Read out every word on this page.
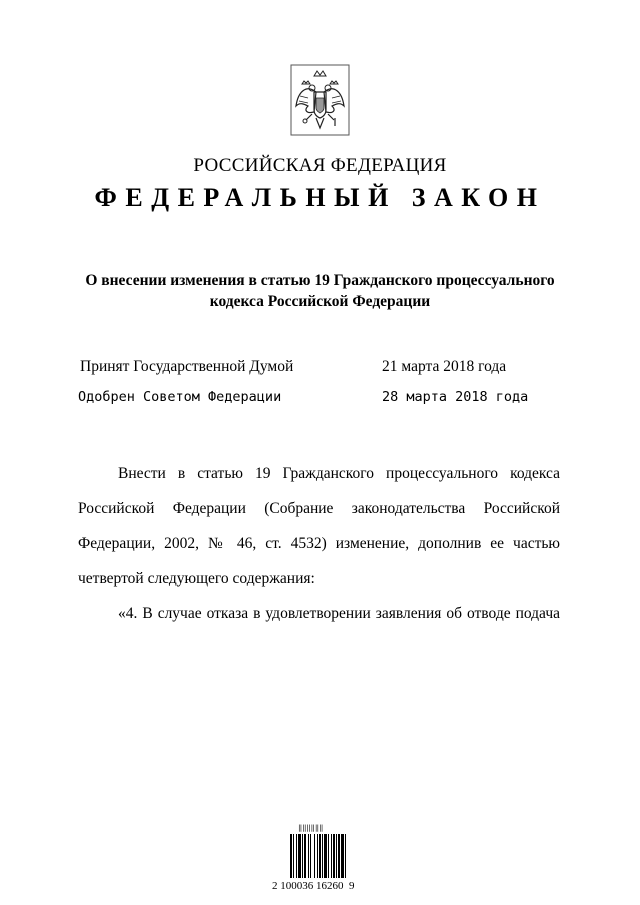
РОССИЙСКАЯ ФЕДЕРАЦИЯ
ФЕДЕРАЛЬНЫЙ ЗАКОН
О внесении изменения в статью 19 Гражданского процессуального кодекса Российской Федерации
Принят Государственной Думой	21 марта 2018 года
Одобрен Советом Федерации	28 марта 2018 года

Внести в статью 19 Гражданского процессуального кодекса Российской Федерации (Собрание законодательства Российской Федерации, 2002, № 46, ст. 4532) изменение, дополнив ее частью четвертой следующего содержания:

«4. В случае отказа в удовлетворении заявления об отводе подача

‖‖‖‖‖‖
2 100036 16260  9
